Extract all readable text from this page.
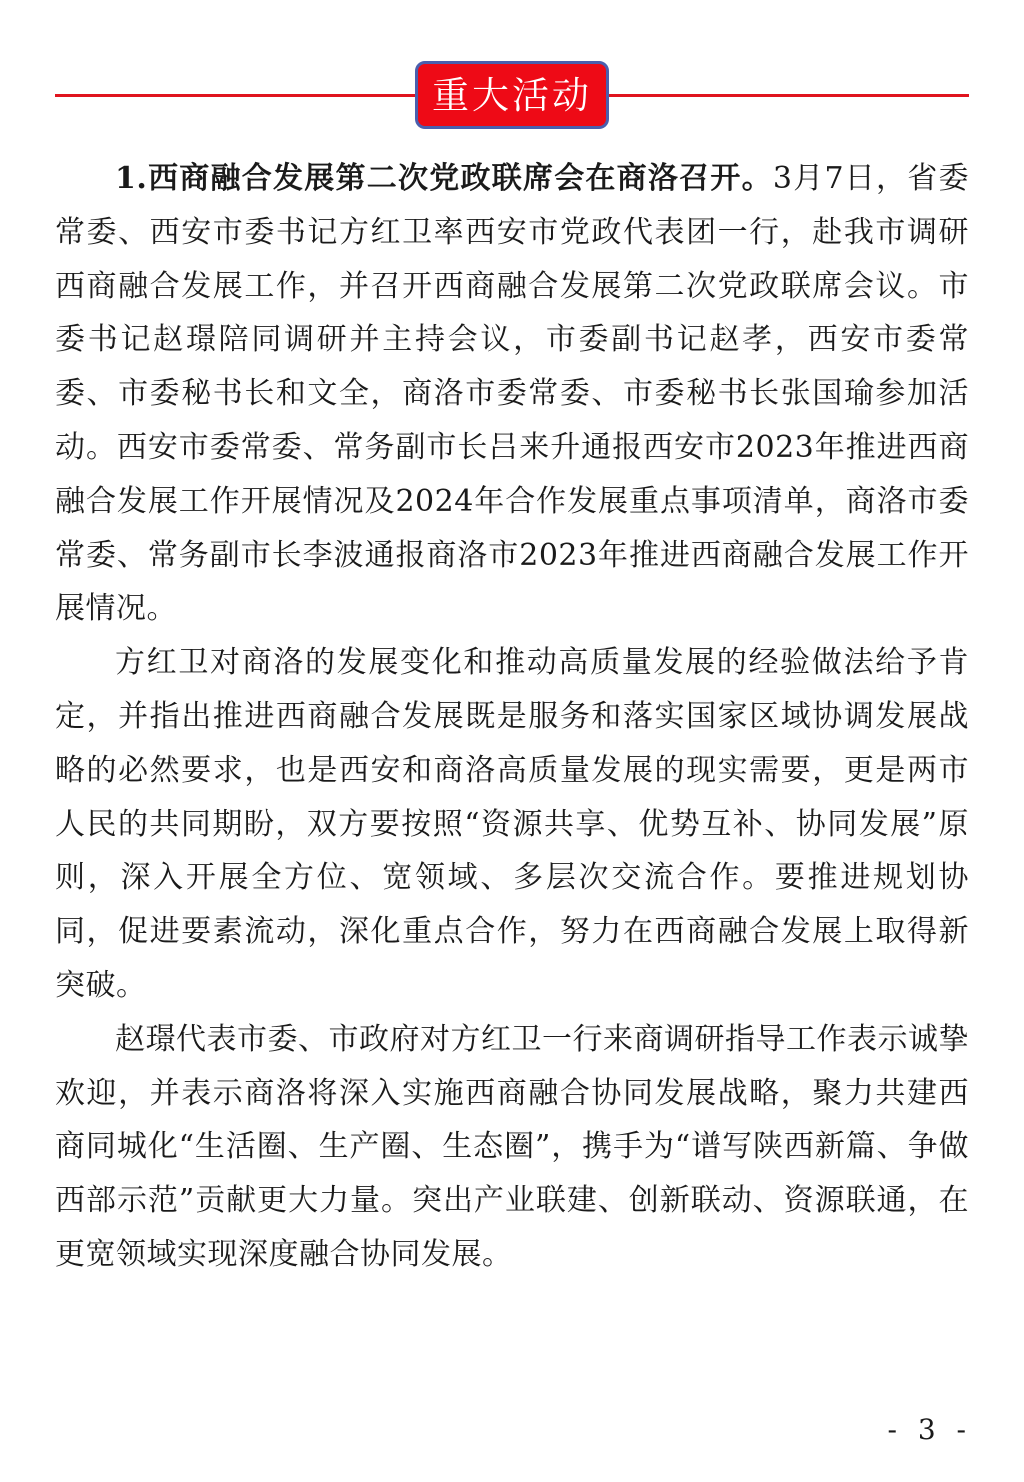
重大活动

1.西商融合发展第二次党政联席会在商洛召开。3月7日，省委常委、西安市委书记方红卫率西安市党政代表团一行，赴我市调研西商融合发展工作，并召开西商融合发展第二次党政联席会议。市委书记赵璟陪同调研并主持会议，市委副书记赵孝，西安市委常委、市委秘书长和文全，商洛市委常委、市委秘书长张国瑜参加活动。西安市委常委、常务副市长吕来升通报西安市2023年推进西商融合发展工作开展情况及2024年合作发展重点事项清单，商洛市委常委、常务副市长李波通报商洛市2023年推进西商融合发展工作开展情况。

方红卫对商洛的发展变化和推动高质量发展的经验做法给予肯定，并指出推进西商融合发展既是服务和落实国家区域协调发展战略的必然要求，也是西安和商洛高质量发展的现实需要，更是两市人民的共同期盼，双方要按照“资源共享、优势互补、协同发展”原则，深入开展全方位、宽领域、多层次交流合作。要推进规划协同，促进要素流动，深化重点合作，努力在西商融合发展上取得新突破。

赵璟代表市委、市政府对方红卫一行来商调研指导工作表示诚挚欢迎，并表示商洛将深入实施西商融合协同发展战略，聚力共建西商同城化“生活圈、生产圈、生态圈”，携手为“谱写陕西新篇、争做西部示范”贡献更大力量。突出产业联建、创新联动、资源联通，在更宽领域实现深度融合协同发展。

- 3 -
